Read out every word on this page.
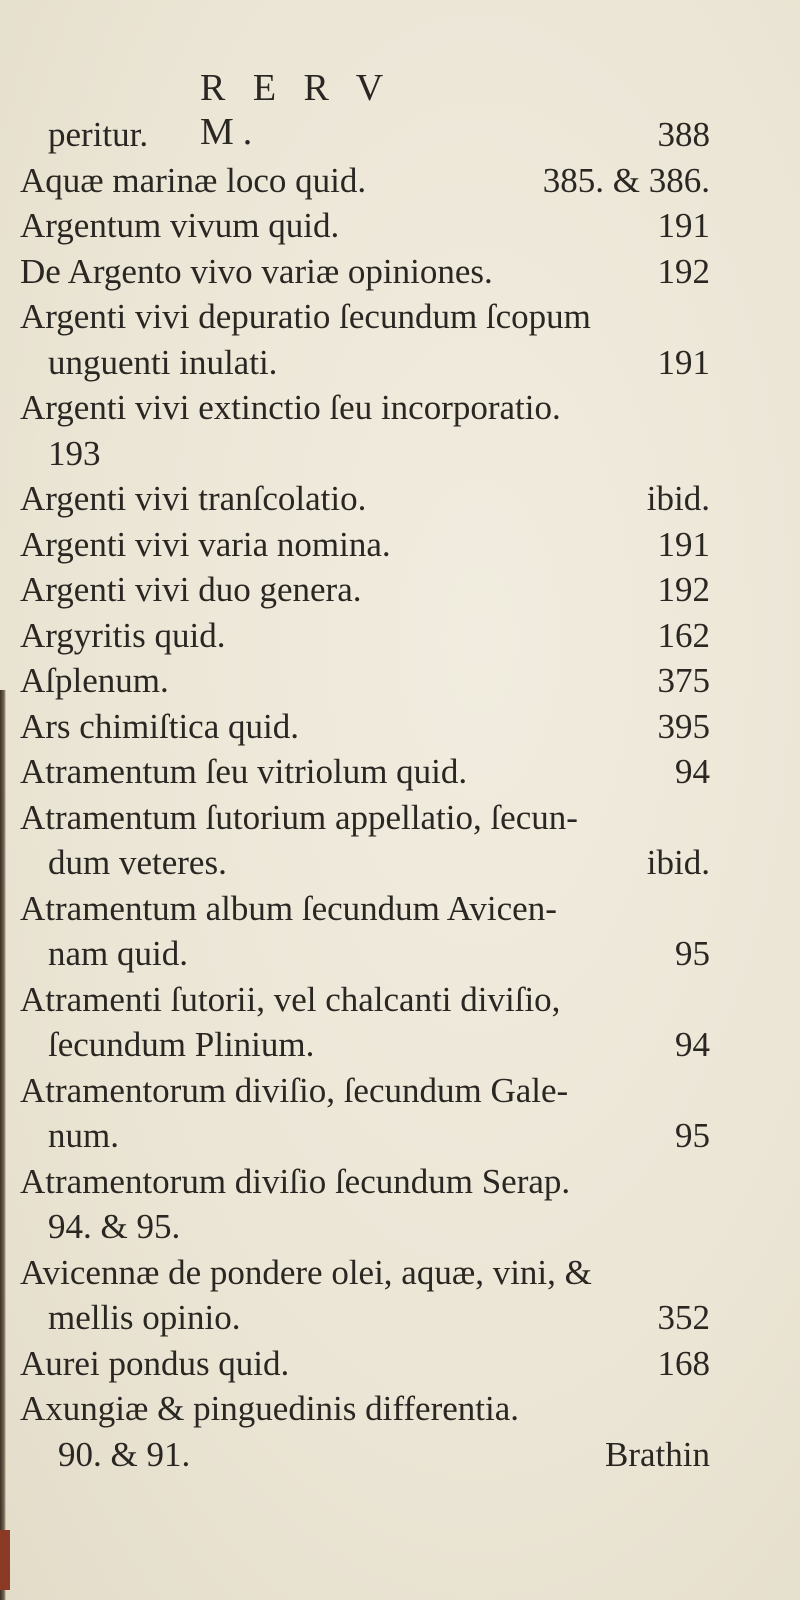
R E R V M.
peritur.	388
Aquæ marinæ loco quid.	385. & 386.
Argentum vivum quid.	191
De Argento vivo variæ opiniones.	192
Argenti vivi depuratio ſecundum ſcopum
unguenti inulati.	191
Argenti vivi extinctio ſeu incorporatio.
193
Argenti vivi tranſcolatio.	ibid.
Argenti vivi varia nomina.	191
Argenti vivi duo genera.	192
Argyritis quid.	162
Aſplenum.	375
Ars chimiſtica quid.	395
Atramentum ſeu vitriolum quid.	94
Atramentum ſutorium appellatio, ſecun-
dum veteres.	ibid.
Atramentum album ſecundum Avicen-
nam quid.	95
Atramenti ſutorii, vel chalcanti diviſio,
ſecundum Plinium.	94
Atramentorum diviſio, ſecundum Gale-
num.	95
Atramentorum diviſio ſecundum Serap.
94. & 95.
Avicennæ de pondere olei, aquæ, vini, &
mellis opinio.	352
Aurei pondus quid.	168
Axungiæ & pinguedinis differentia.
90. & 91.	Brathin
